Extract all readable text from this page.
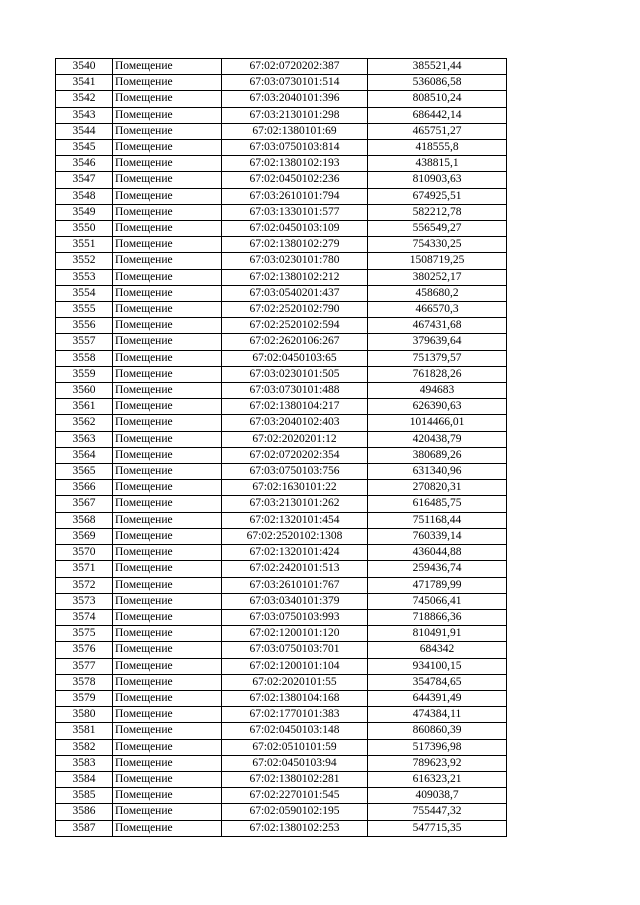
3540	Помещение	67:02:0720202:387	385521,44
3541	Помещение	67:03:0730101:514	536086,58
3542	Помещение	67:03:2040101:396	808510,24
3543	Помещение	67:03:2130101:298	686442,14
3544	Помещение	67:02:1380101:69	465751,27
3545	Помещение	67:03:0750103:814	418555,8
3546	Помещение	67:02:1380102:193	438815,1
3547	Помещение	67:02:0450102:236	810903,63
3548	Помещение	67:03:2610101:794	674925,51
3549	Помещение	67:03:1330101:577	582212,78
3550	Помещение	67:02:0450103:109	556549,27
3551	Помещение	67:02:1380102:279	754330,25
3552	Помещение	67:03:0230101:780	1508719,25
3553	Помещение	67:02:1380102:212	380252,17
3554	Помещение	67:03:0540201:437	458680,2
3555	Помещение	67:02:2520102:790	466570,3
3556	Помещение	67:02:2520102:594	467431,68
3557	Помещение	67:02:2620106:267	379639,64
3558	Помещение	67:02:0450103:65	751379,57
3559	Помещение	67:03:0230101:505	761828,26
3560	Помещение	67:03:0730101:488	494683
3561	Помещение	67:02:1380104:217	626390,63
3562	Помещение	67:03:2040102:403	1014466,01
3563	Помещение	67:02:2020201:12	420438,79
3564	Помещение	67:02:0720202:354	380689,26
3565	Помещение	67:03:0750103:756	631340,96
3566	Помещение	67:02:1630101:22	270820,31
3567	Помещение	67:03:2130101:262	616485,75
3568	Помещение	67:02:1320101:454	751168,44
3569	Помещение	67:02:2520102:1308	760339,14
3570	Помещение	67:02:1320101:424	436044,88
3571	Помещение	67:02:2420101:513	259436,74
3572	Помещение	67:03:2610101:767	471789,99
3573	Помещение	67:03:0340101:379	745066,41
3574	Помещение	67:03:0750103:993	718866,36
3575	Помещение	67:02:1200101:120	810491,91
3576	Помещение	67:03:0750103:701	684342
3577	Помещение	67:02:1200101:104	934100,15
3578	Помещение	67:02:2020101:55	354784,65
3579	Помещение	67:02:1380104:168	644391,49
3580	Помещение	67:02:1770101:383	474384,11
3581	Помещение	67:02:0450103:148	860860,39
3582	Помещение	67:02:0510101:59	517396,98
3583	Помещение	67:02:0450103:94	789623,92
3584	Помещение	67:02:1380102:281	616323,21
3585	Помещение	67:02:2270101:545	409038,7
3586	Помещение	67:02:0590102:195	755447,32
3587	Помещение	67:02:1380102:253	547715,35
